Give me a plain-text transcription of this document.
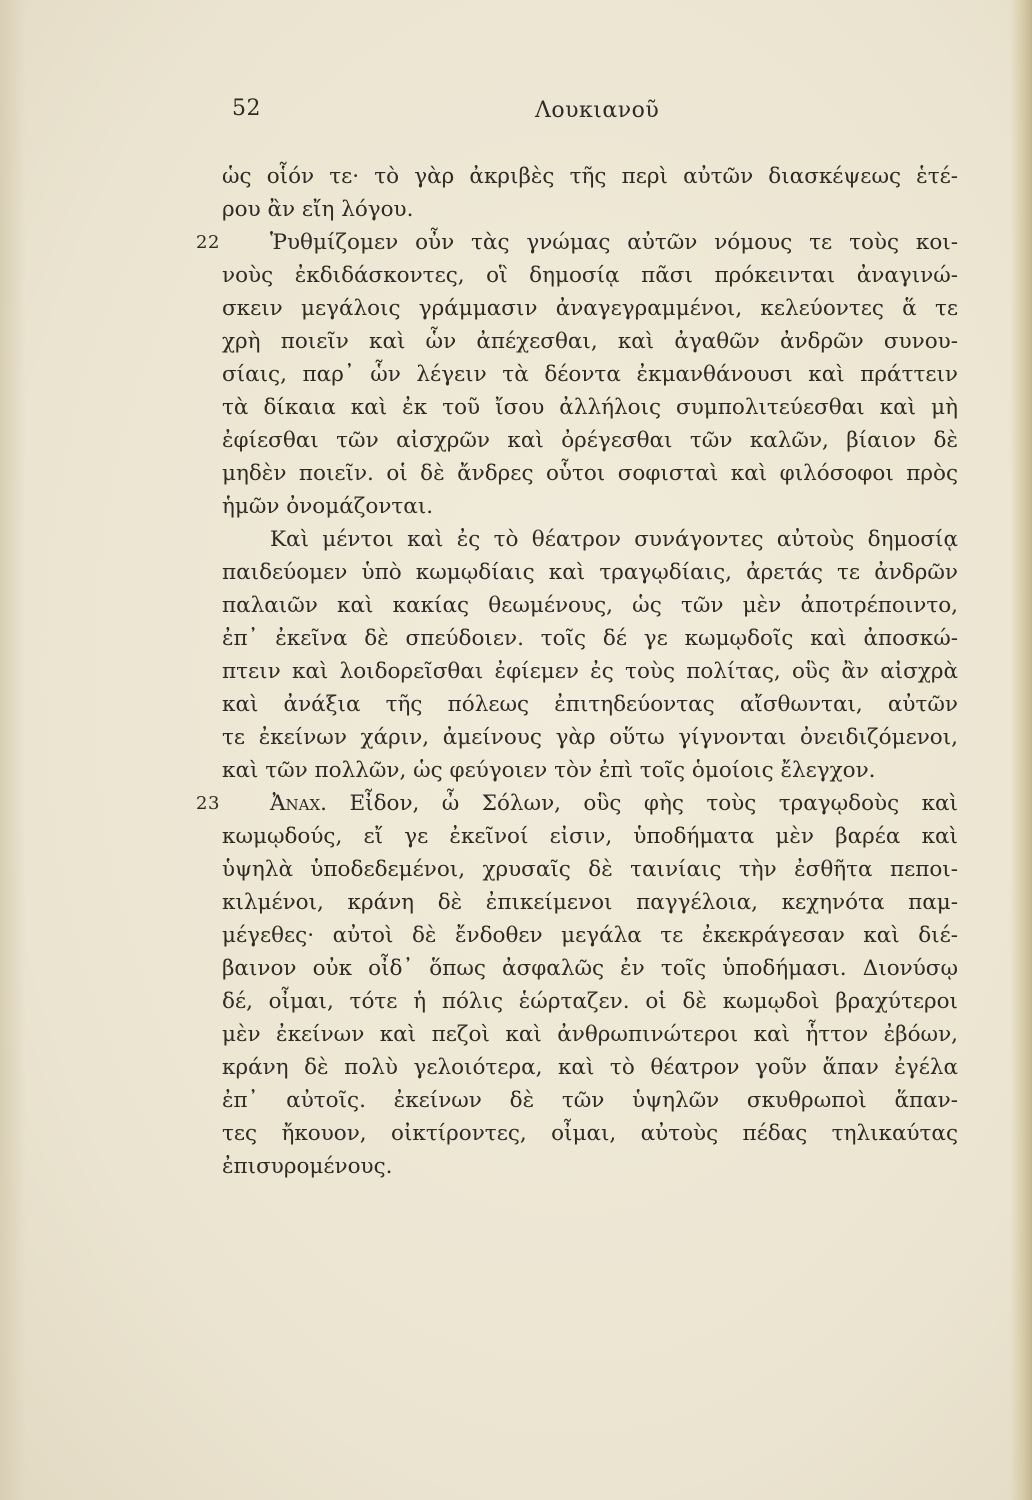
52	Λουκιανοῦ
ὡς οἷόν τε· τὸ γὰρ ἀκριβὲς τῆς περὶ αὐτῶν διασκέψεως ἑτέ-
ρου ἂν εἴη λόγου.
22 Ῥυθμίζομεν οὖν τὰς γνώμας αὐτῶν νόμους τε τοὺς κοι-
νοὺς ἐκδιδάσκοντες, οἳ δημοσίᾳ πᾶσι πρόκεινται ἀναγινώ-
σκειν μεγάλοις γράμμασιν ἀναγεγραμμένοι, κελεύοντες ἅ τε
χρὴ ποιεῖν καὶ ὧν ἀπέχεσθαι, καὶ ἀγαθῶν ἀνδρῶν συνου-
σίαις, παρ᾿ ὧν λέγειν τὰ δέοντα ἐκμανθάνουσι καὶ πράττειν
τὰ δίκαια καὶ ἐκ τοῦ ἴσου ἀλλήλοις συμπολιτεύεσθαι καὶ μὴ
ἐφίεσθαι τῶν αἰσχρῶν καὶ ὀρέγεσθαι τῶν καλῶν, βίαιον δὲ
μηδὲν ποιεῖν. οἱ δὲ ἄνδρες οὗτοι σοφισταὶ καὶ φιλόσοφοι πρὸς
ἡμῶν ὀνομάζονται.
Καὶ μέντοι καὶ ἐς τὸ θέατρον συνάγοντες αὐτοὺς δημοσίᾳ
παιδεύομεν ὑπὸ κωμῳδίαις καὶ τραγῳδίαις, ἀρετάς τε ἀνδρῶν
παλαιῶν καὶ κακίας θεωμένους, ὡς τῶν μὲν ἀποτρέποιντο,
ἐπ᾿ ἐκεῖνα δὲ σπεύδοιεν. τοῖς δέ γε κωμῳδοῖς καὶ ἀποσκώ-
πτειν καὶ λοιδορεῖσθαι ἐφίεμεν ἐς τοὺς πολίτας, οὓς ἂν αἰσχρὰ
καὶ ἀνάξια τῆς πόλεως ἐπιτηδεύοντας αἴσθωνται, αὐτῶν
τε ἐκείνων χάριν, ἀμείνους γὰρ οὕτω γίγνονται ὀνειδιζόμενοι,
καὶ τῶν πολλῶν, ὡς φεύγοιεν τὸν ἐπὶ τοῖς ὁμοίοις ἔλεγχον.
23 Ἀναχ. Εἶδον, ὦ Σόλων, οὓς φὴς τοὺς τραγῳδοὺς καὶ
κωμῳδούς, εἴ γε ἐκεῖνοί εἰσιν, ὑποδήματα μὲν βαρέα καὶ
ὑψηλὰ ὑποδεδεμένοι, χρυσαῖς δὲ ταινίαις τὴν ἐσθῆτα πεποι-
κιλμένοι, κράνη δὲ ἐπικείμενοι παγγέλοια, κεχηνότα παμ-
μέγεθες· αὐτοὶ δὲ ἔνδοθεν μεγάλα τε ἐκεκράγεσαν καὶ διέ-
βαινον οὐκ οἶδ᾿ ὅπως ἀσφαλῶς ἐν τοῖς ὑποδήμασι. Διονύσῳ
δέ, οἶμαι, τότε ἡ πόλις ἑώρταζεν. οἱ δὲ κωμῳδοὶ βραχύτεροι
μὲν ἐκείνων καὶ πεζοὶ καὶ ἀνθρωπινώτεροι καὶ ἧττον ἐβόων,
κράνη δὲ πολὺ γελοιότερα, καὶ τὸ θέατρον γοῦν ἅπαν ἐγέλα
ἐπ᾿ αὐτοῖς. ἐκείνων δὲ τῶν ὑψηλῶν σκυθρωποὶ ἅπαν-
τες ἤκουον, οἰκτίροντες, οἶμαι, αὐτοὺς πέδας τηλικαύτας
ἐπισυρομένους.
